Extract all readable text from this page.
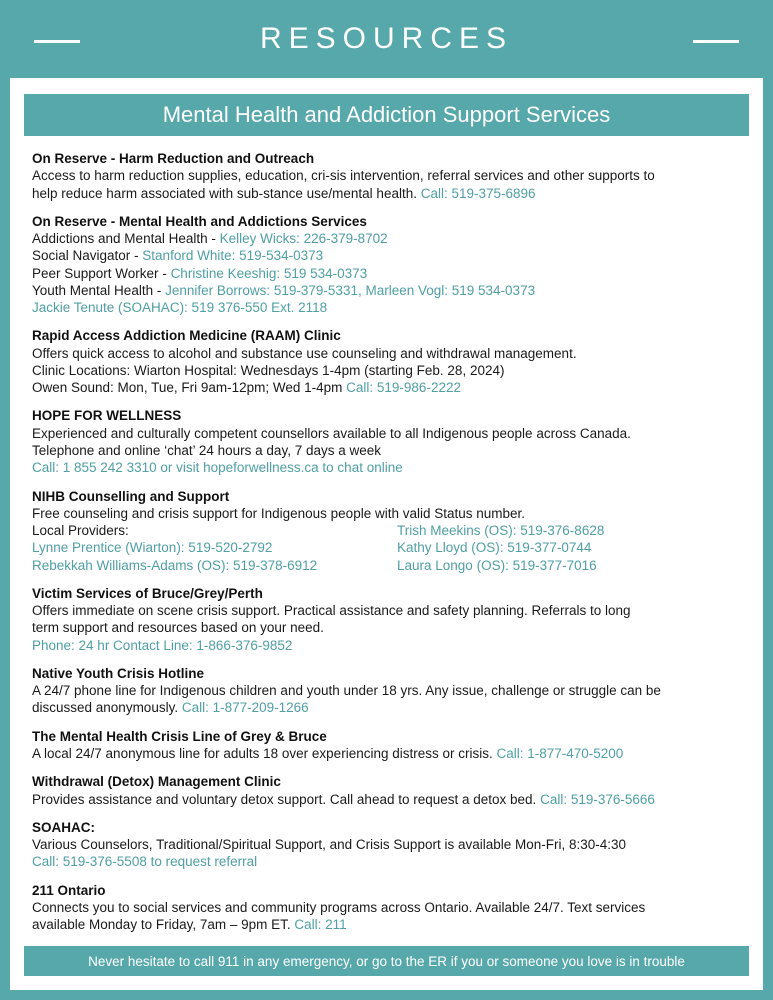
RESOURCES
Mental Health and Addiction Support Services
On Reserve - Harm Reduction and Outreach
Access to harm reduction supplies, education, cri-sis intervention, referral services and other supports to
help reduce harm associated with sub-stance use/mental health. Call: 519-375-6896
On Reserve - Mental Health and Addictions Services
Addictions and Mental Health - Kelley Wicks: 226-379-8702
Social Navigator - Stanford White: 519-534-0373
Peer Support Worker - Christine Keeshig: 519 534-0373
Youth Mental Health - Jennifer Borrows: 519-379-5331, Marleen Vogl: 519 534-0373
Jackie Tenute (SOAHAC): 519 376-550 Ext. 2118
Rapid Access Addiction Medicine (RAAM) Clinic
Offers quick access to alcohol and substance use counseling and withdrawal management.
Clinic Locations: Wiarton Hospital: Wednesdays 1-4pm (starting Feb. 28, 2024)
Owen Sound: Mon, Tue, Fri 9am-12pm; Wed 1-4pm Call: 519-986-2222
HOPE FOR WELLNESS
Experienced and culturally competent counsellors available to all Indigenous people across Canada.
Telephone and online ‘chat’ 24 hours a day, 7 days a week
Call: 1 855 242 3310 or visit hopeforwellness.ca to chat online
NIHB Counselling and Support
Free counseling and crisis support for Indigenous people with valid Status number.
Local Providers:
Lynne Prentice (Wiarton): 519-520-2792
Rebekkah Williams-Adams (OS): 519-378-6912
Trish Meekins (OS): 519-376-8628
Kathy Lloyd (OS): 519-377-0744
Laura Longo (OS): 519-377-7016
Victim Services of Bruce/Grey/Perth
Offers immediate on scene crisis support. Practical assistance and safety planning. Referrals to long
term support and resources based on your need.
Phone: 24 hr Contact Line: 1-866-376-9852
Native Youth Crisis Hotline
A 24/7 phone line for Indigenous children and youth under 18 yrs. Any issue, challenge or struggle can be
discussed anonymously. Call: 1-877-209-1266
The Mental Health Crisis Line of Grey & Bruce
A local 24/7 anonymous line for adults 18 over experiencing distress or crisis. Call: 1-877-470-5200
Withdrawal (Detox) Management Clinic
Provides assistance and voluntary detox support. Call ahead to request a detox bed. Call: 519-376-5666
SOAHAC:
Various Counselors, Traditional/Spiritual Support, and Crisis Support is available Mon-Fri, 8:30-4:30
Call: 519-376-5508 to request referral
211 Ontario
Connects you to social services and community programs across Ontario. Available 24/7. Text services
available Monday to Friday, 7am – 9pm ET. Call: 211
Never hesitate to call 911 in any emergency, or go to the ER if you or someone you love is in trouble
